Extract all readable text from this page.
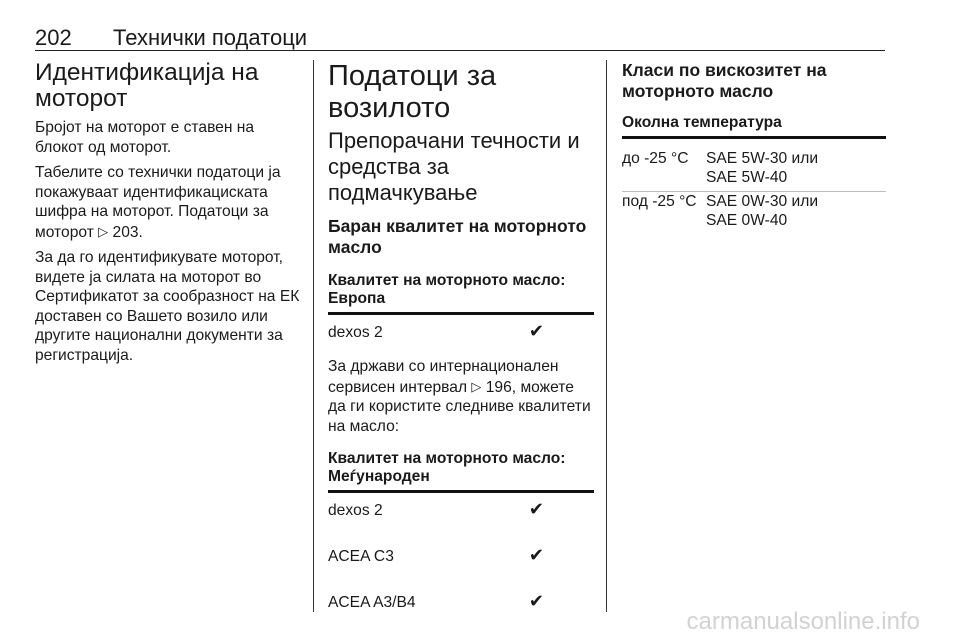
202 Технички податоци
Идентификација на моторот

Бројот на моторот е ставен на блокот од моторот.

Табелите со технички податоци ја покажуваат идентификациската шифра на моторот. Податоци за моторот ▷ 203.

За да го идентификувате моторот, видете ја силата на моторот во Сертификатот за сообразност на ЕК доставен со Вашето возило или другите национални документи за регистрација.

Податоци за возилото
Препорачани течности и средства за подмачкување
Баран квалитет на моторното масло
Квалитет на моторното масло: Европа
dexos 2	✔
За држави со интернационален сервисен интервал ▷ 196, можете да ги користите следниве квалитети на масло:
Квалитет на моторното масло: Меѓународен
dexos 2	✔
ACEA C3	✔
ACEA A3/B4	✔
Класи по вискозитет на моторното масло
Околна температура
до -25 °C SAE 5W-30 или
SAE 5W-40
под -25 °C SAE 0W-30 или
SAE 0W-40
carmanualsonline.info
